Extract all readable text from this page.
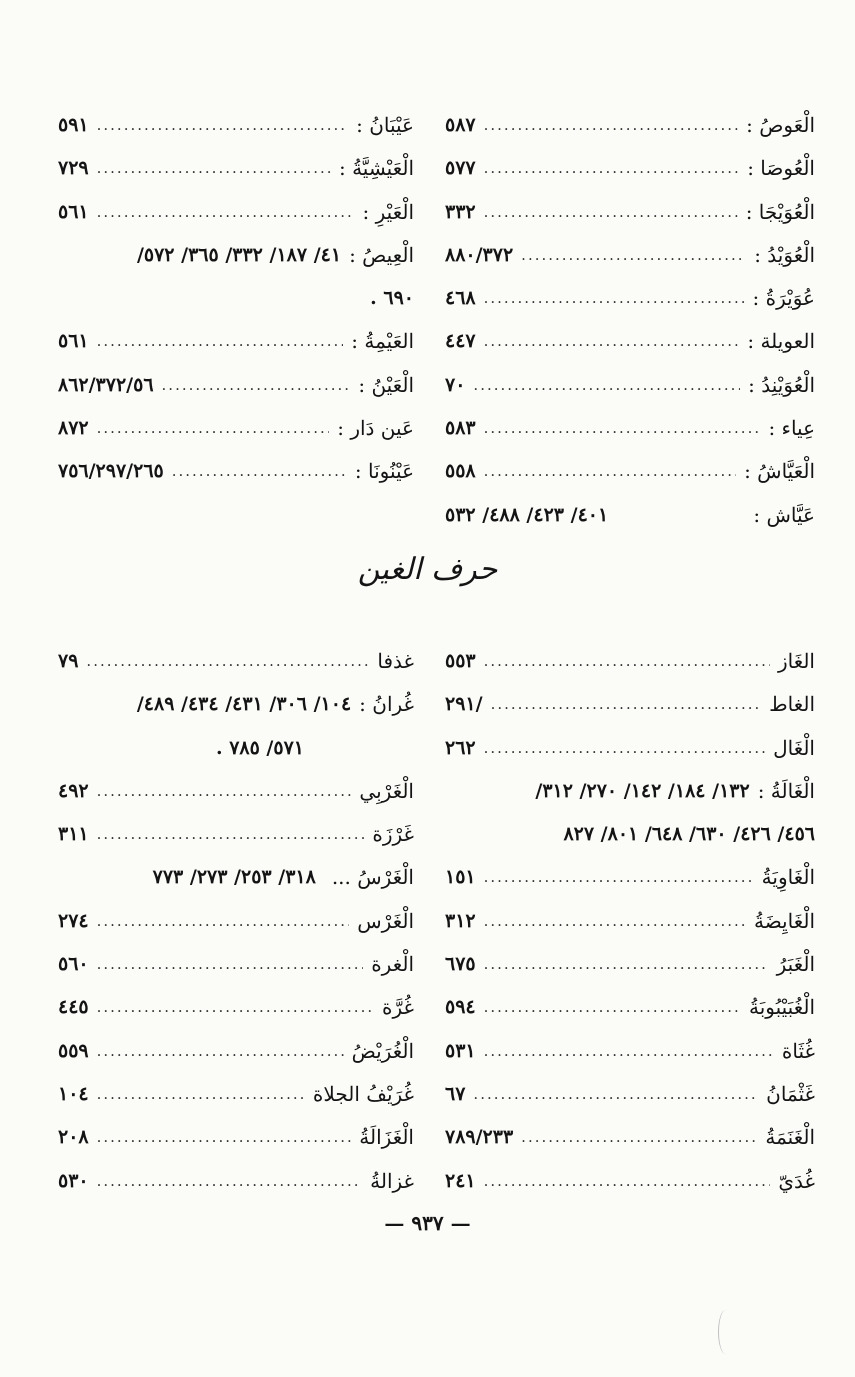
الْعَوصُ :
.....
٥٨٧
الْعُوصَا :
.....
٥٧٧
الْعُوَيْجَا :
.....
٣٣٢
الْعُوَيْدُ :
.....
٨٨٠/٣٧٢
عُوَيْرَةُ :
.....
٤٦٨
العويلة :
.....
٤٤٧
الْعُوَيْنِدُ :
.....
٧٠
عِياء :
.....
٥٨٣
الْعَيَّاشُ :
.....
٥٥٨
عَيَّاش :
٤٠١/ ٤٢٣/ ٤٨٨/ ٥٣٢
عَيْبَانُ :
.....
٥٩١
الْعَيْشِيَّةُ :
.....
٧٢٩
الْعَيْرِ :
.....
٥٦١
الْعِيصُ :
٤١/ ١٨٧/ ٣٣٢/ ٣٦٥/ ٥٧٢/
٦٩٠ .
العَيْمِةُ :
.....
٥٦١
الْعَيْنُ :
.....
٨٦٢/٣٧٢/٥٦
عَين دَار :
.....
٨٧٢
عَيْنُونَا :
.....
٧٥٦/٢٩٧/٢٦٥
حرف الغين
الغَاز
.....
٥٥٣
الغاط
.....
/٢٩١
الْغَال
.....
٢٦٢
الْغَالَةُ :
١٣٢/ ١٨٤/ ١٤٢/ ٢٧٠/ ٣١٢/
٤٥٦/ ٤٢٦/ ٦٣٠/ ٦٤٨/ ٨٠١/ ٨٢٧
الْغَاوِيَةُ
.....
١٥١
الْغَايِضَةُ
.....
٣١٢
الْغَبَرُ
.....
٦٧٥
الْغُبَيْبُوبَةُ
.....
٥٩٤
غُثَاة
.....
٥٣١
غَثْمَانُ
.....
٦٧
الْغَنَمَةُ
.....
٧٨٩/٢٣٣
غُدَيّ
.....
٢٤١
غذفا
.....
٧٩
غُرانُ :
١٠٤/ ٣٠٦/ ٤٣١/ ٤٣٤/ ٤٨٩/
٥٧١/ ٧٨٥ .
الْغَرْبِي
.....
٤٩٢
غَرْزَة
.....
٣١١
الْغَرْسُ ...
٣١٨/ ٢٥٣/ ٢٧٣/ ٧٧٣
الْغَرْس
.....
٢٧٤
الْغرة
.....
٥٦٠
غُرَّة
.....
٤٤٥
الْغُرَيْضُ
.....
٥٥٩
غُرَيْفُ الجلاة
.....
١٠٤
الْغَزَالَةُ
.....
٢٠٨
غزالةُ
.....
٥٣٠
— ٩٣٧ —
